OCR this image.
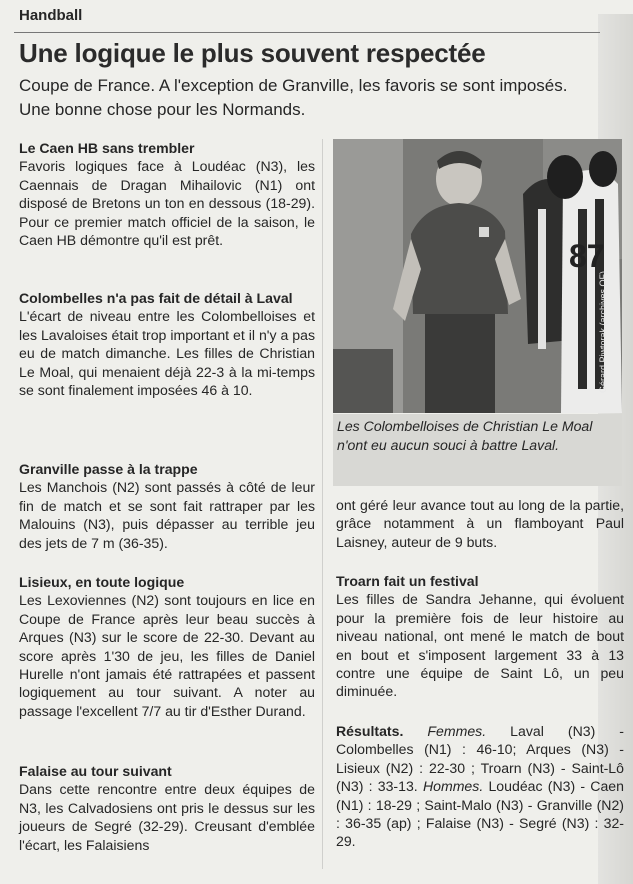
Handball
Une logique le plus souvent respectée
Coupe de France. A l'exception de Granville, les favoris se sont imposés. Une bonne chose pour les Normands.
Le Caen HB sans trembler

Favoris logiques face à Loudéac (N3), les Caennais de Dragan Mihailovic (N1) ont disposé de Bretons un ton en dessous (18-29). Pour ce premier match officiel de la saison, le Caen HB démontre qu'il est prêt.

Colombelles n'a pas fait de détail à Laval

L'écart de niveau entre les Colombelloises et les Lavaloises était trop important et il n'y a pas eu de match dimanche. Les filles de Christian Le Moal, qui menaient déjà 22-3 à la mi-temps se sont finalement imposées 46 à 10.

Granville passe à la trappe

Les Manchois (N2) sont passés à côté de leur fin de match et se sont fait rattraper par les Malouins (N3), puis dépasser au terrible jeu des jets de 7 m (36-35).

Lisieux, en toute logique

Les Lexoviennes (N2) sont toujours en lice en Coupe de France après leur beau succès à Arques (N3) sur le score de 22-30. Devant au score après 1'30 de jeu, les filles de Daniel Hurelle n'ont jamais été rattrapées et passent logiquement au tour suivant. A noter au passage l'excellent 7/7 au tir d'Esther Durand.

Falaise au tour suivant

Dans cette rencontre entre deux équipes de N3, les Calvadosiens ont pris le dessus sur les joueurs de Segré (32-29). Creusant d'emblée l'écart, les Falaisiens

87
Gérard Piwtorak (archives OF)
Les Colombelloises de Christian Le Moal n'ont eu aucun souci à battre Laval.

ont géré leur avance tout au long de la partie, grâce notamment à un flamboyant Paul Laisney, auteur de 9 buts.

Troarn fait un festival

Les filles de Sandra Jehanne, qui évoluent pour la première fois de leur histoire au niveau national, ont mené le match de bout en bout et s'imposent largement 33 à 13 contre une équipe de Saint Lô, un peu diminuée.

Résultats. Femmes. Laval (N3) - Colombelles (N1) : 46-10; Arques (N3) - Lisieux (N2) : 22-30 ; Troarn (N3) - Saint-Lô (N3) : 33-13. Hommes. Loudéac (N3) - Caen (N1) : 18-29 ; Saint-Malo (N3) - Granville (N2) : 36-35 (ap) ; Falaise (N3) - Segré (N3) : 32-29.
